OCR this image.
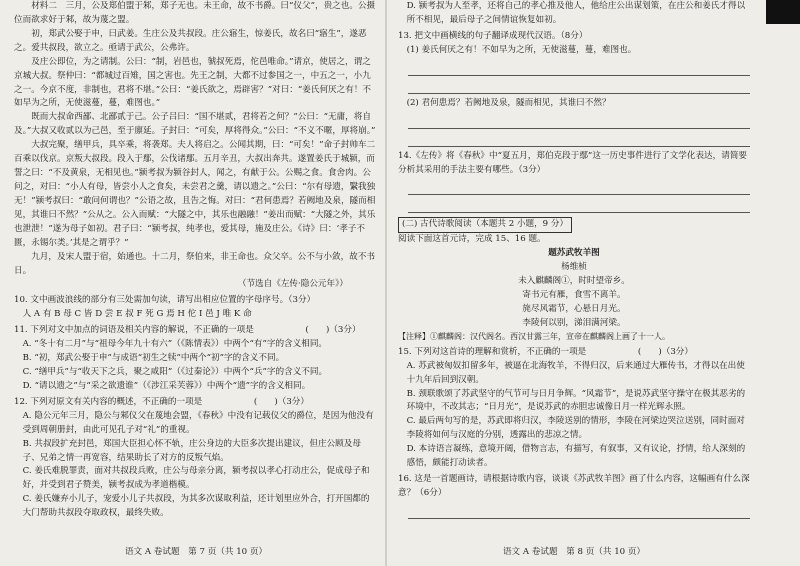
材料二　三月，公及郑伯盟于邾，郑子无也。未王命，故不书爵。曰“仪父”，贵之也。公摄位而欲求好于邾，故为蔑之盟。

初，郑武公娶于申，曰武姜。生庄公及共叔段。庄公寤生，惊姜氏，故名曰“寤生”，遂恶之。爱共叔段，欲立之。亟请于武公，公弗许。

及庄公即位，为之请制。公曰：“制，岩邑也，虢叔死焉，佗邑唯命。”请京，使居之，谓之京城大叔。祭仲曰：“都城过百雉，国之害也。先王之制，大都不过参国之一，中五之一，小九之一。今京不度，非制也，君将不堪。”公曰：“姜氏欲之，焉辟害？”对曰：“姜氏何厌之有！不如早为之所，无使滋蔓，蔓，难图也。”

既而大叔命西鄙、北鄙贰于己。公子吕曰：“国不堪贰，君将若之何？”公曰：“无庸，将自及。”大叔又收贰以为己邑，至于廪延。子封曰：“可矣，厚将得众。”公曰：“不义不暱，厚将崩。”

大叔完聚，缮甲兵，具卒乘，将袭郑。夫人将启之。公闻其期，曰：“可矣！”命子封帅车二百乘以伐京。京叛大叔段。段入于鄢，公伐诸鄢。五月辛丑，大叔出奔共。遂置姜氏于城颍，而誓之曰：“不及黄泉，无相见也。”颍考叔为颍谷封人，闻之，有献于公。公赐之食。食舍肉。公问之，对曰：“小人有母，皆尝小人之食矣，未尝君之羹，请以遗之。”公曰：“尔有母遗，繄我独无！”颍考叔曰：“敢问何谓也？”公语之故，且告之悔。对曰：“君何患焉？若阙地及泉，隧而相见，其谁曰不然？”公从之。公入而赋：“大隧之中，其乐也融融！”姜出而赋：“大隧之外，其乐也泄泄！”遂为母子如初。君子曰：“颍考叔，纯孝也，爱其母，施及庄公。《诗》曰：‘孝子不匮，永锡尔类。’其是之谓乎？”

九月，及宋人盟于宿，始通也。十二月，祭伯来，非王命也。众父卒。公不与小敛，故不书日。

（节选自《左传·隐公元年》）

10. 文中画波浪线的部分有三处需加句读，请写出相应位置的字母序号。（3分）

人 A 有 B 母 C 皆 D 尝 E 叔 F 死 G 焉 H 佗 I 邑 J 唯 K 命

11. 下列对文中加点的词语及相关内容的解说，不正确的一项是　　　　　　(　　)（3分）

A. “冬十有二月”与“祖母今年九十有六”（《陈情表》）中两个“有”字的含义相同。

B. “初，郑武公娶于申”与成语“初生之犊”中两个“初”字的含义不同。

C. “缮甲兵”与“收天下之兵，聚之咸阳”（《过秦论》）中两个“兵”字的含义不同。

D. “请以遗之”与“采之欲遗谁”（《涉江采芙蓉》）中两个“遗”字的含义相同。

12. 下列对原文有关内容的概述，不正确的一项是　　　　　　(　　)（3分）

A. 隐公元年三月，隐公与邾仪父在蔑地会盟，《春秋》中没有记载仪父的爵位，是因为他没有受到周朝册封，由此可见孔子对“礼”的重视。

B. 共叔段扩充封邑，郑国大臣担心怀不轨，庄公身边的大臣多次提出建议，但庄公顾及母子、兄弟之情一再宽容，结果助长了对方的反叛气焰。

C. 姜氏难脱罪责，面对共叔段兵败，庄公与母亲分离，颍考叔以孝心打动庄公，促成母子和好，并受到君子赞美，颍考叔成为孝道楷模。

C. 姜氏嫌弃小儿子，宠爱小儿子共叔段，为其多次谋取利益，还计划里应外合，打开国都的大门帮助共叔段夺取政权，最终失败。

语文 A 卷试题　第 7 页（共 10 页）

D. 颍考叔为人至孝，还将自己的孝心推及他人，他给庄公出谋划策，在庄公和姜氏才得以所不相见，最后母子之间情谊恢复如初。

13. 把文中画横线的句子翻译成现代汉语。（8分）

(1) 姜氏何厌之有！不如早为之所，无使滋蔓，蔓，难图也。

(2) 君何患焉？若阙地及泉，隧而相见，其谁曰不然？

14.《左传》将《春秋》中“夏五月，郑伯克段于鄢”这一历史事件进行了文学化表达，请简要分析其采用的手法主要有哪些。（3分）

(二) 古代诗歌阅读（本题共 2 小题，9 分）

阅读下面这首元诗，完成 15、16 题。

题苏武牧羊图

杨维桢

未入麒麟阁①，时时望帝乡。

寄书元有雁，食雪不离羊。

旄尽风霜节，心悬日月光。

李陵何以别，涕泪满河梁。

【注释】①麒麟阁：汉代阁名。西汉甘露三年，宣帝在麒麟阁上画了十一人。

15. 下列对这首诗的理解和赏析，不正确的一项是　　　　　　(　　)（3分）

A. 苏武被匈奴扣留多年，被逼在北海牧羊，不得归汉，后来通过大雁传书，才得以在出使十九年后回到汉朝。

B. 颈联歌颂了苏武坚守的气节可与日月争辉。“风霜节”，是说苏武坚守操守在极其恶劣的环境中，不改其志；“日月光”，是说苏武的赤胆忠诚像日月一样光辉永照。

C. 最后两句写的是，苏武即将归汉，李陵送别的情形，李陵在河梁边哭泣送别，同时面对李陵将如何与汉庭的分别，透露出的悲凉之情。

D. 本诗语言凝练，意境开阔，借物言志，有描写，有叙事，又有议论，抒情，给人深刻的感悟，颇能打动读者。

16. 这是一首题画诗，请根据诗歌内容，谈谈《苏武牧羊图》画了什么内容，这幅画有什么深意？（6分）

语文 A 卷试题　第 8 页（共 10 页）
